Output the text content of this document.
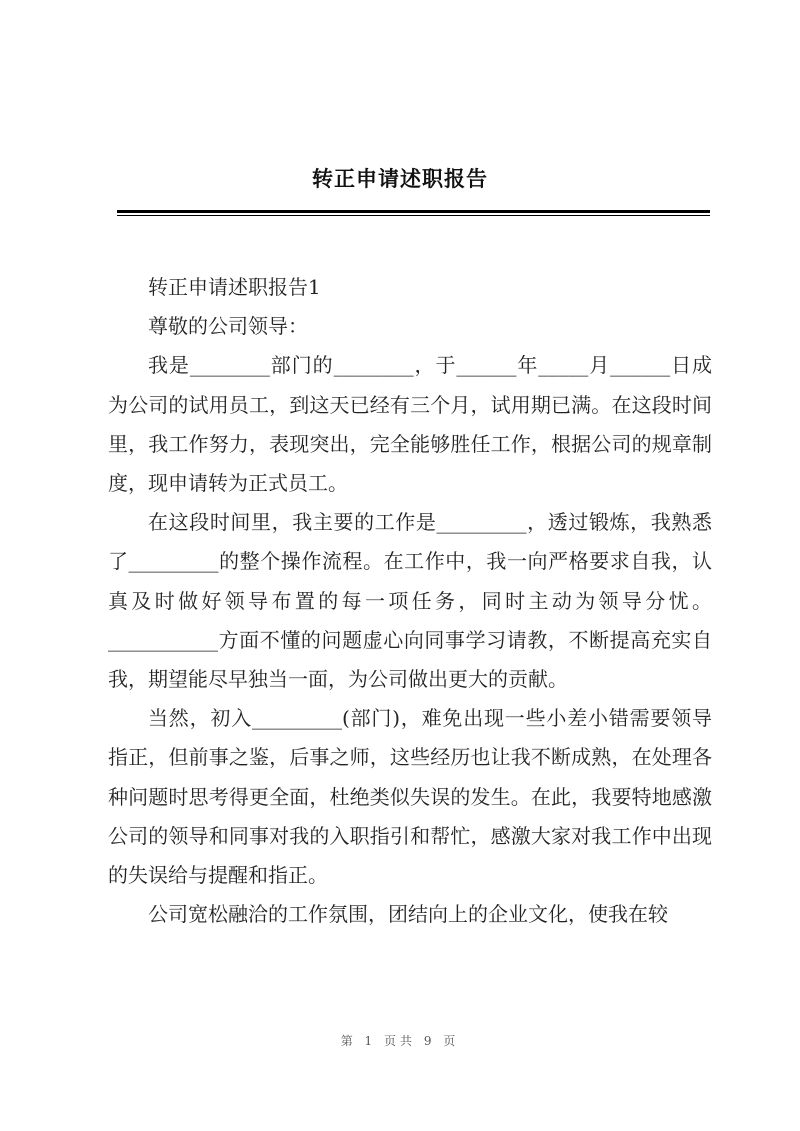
转正申请述职报告

转正申请述职报告1

尊敬的公司领导：

我是________部门的________，于______年_____月______日成为公司的试用员工，到这天已经有三个月，试用期已满。在这段时间里，我工作努力，表现突出，完全能够胜任工作，根据公司的规章制度，现申请转为正式员工。

在这段时间里，我主要的工作是_________，透过锻炼，我熟悉了_________的整个操作流程。在工作中，我一向严格要求自我，认真及时做好领导布置的每一项任务，同时主动为领导分忧。___________方面不懂的问题虚心向同事学习请教，不断提高充实自我，期望能尽早独当一面，为公司做出更大的贡献。

当然，初入_________(部门)，难免出现一些小差小错需要领导指正，但前事之鉴，后事之师，这些经历也让我不断成熟，在处理各种问题时思考得更全面，杜绝类似失误的发生。在此，我要特地感激公司的领导和同事对我的入职指引和帮忙，感激大家对我工作中出现的失误给与提醒和指正。

公司宽松融洽的工作氛围，团结向上的企业文化，使我在较

第 1 页共 9 页
